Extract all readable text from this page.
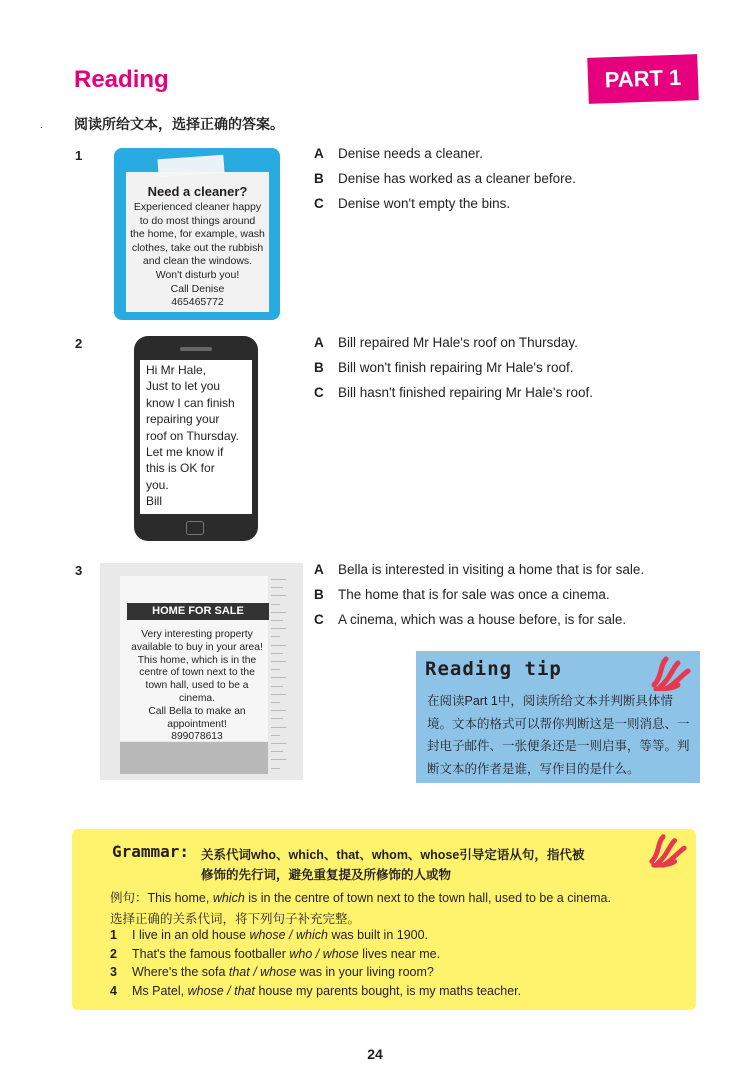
Reading	PART 1
. 阅读所给文本，选择正确的答案。
1
Need a cleaner?
Experienced cleaner happy
to do most things around
the home, for example, wash
clothes, take out the rubbish
and clean the windows.
Won't disturb you!
Call Denise
465465772
A	Denise needs a cleaner.
B	Denise has worked as a cleaner before.
C	Denise won't empty the bins.
2
Hi Mr Hale,
Just to let you
know I can finish
repairing your
roof on Thursday.
Let me know if
this is OK for
you.
Bill
A	Bill repaired Mr Hale's roof on Thursday.
B	Bill won't finish repairing Mr Hale's roof.
C	Bill hasn't finished repairing Mr Hale's roof.
3
─────
────
─────
───
─────
────
─────
───
─────
────
─────
───
─────
────
─────
───
─────
────
─────
───
─────
────
─────
───
HOME FOR SALE
Very interesting property
available to buy in your area!
This home, which is in the
centre of town next to the
town hall, used to be a
cinema.
Call Bella to make an
appointment!
899078613
A	Bella is interested in visiting a home that is for sale.
B	The home that is for sale was once a cinema.
C	A cinema, which was a house before, is for sale.
Reading tip
在阅读Part 1中，阅读所给文本并判断具体情境。文本的格式可以帮你判断这是一则消息、一封电子邮件、一张便条还是一则启事，等等。判断文本的作者是谁，写作目的是什么。
Grammar: 关系代词who、which、that、whom、whose引导定语从句，指代被
修饰的先行词，避免重复提及所修饰的人或物
例句：This home, which is in the centre of town next to the town hall, used to be a cinema.
选择正确的关系代词，将下列句子补充完整。
1	I live in an old house whose / which was built in 1900.
2	That's the famous footballer who / whose lives near me.
3	Where's the sofa that / whose was in your living room?
4	Ms Patel, whose / that house my parents bought, is my maths teacher.
24
